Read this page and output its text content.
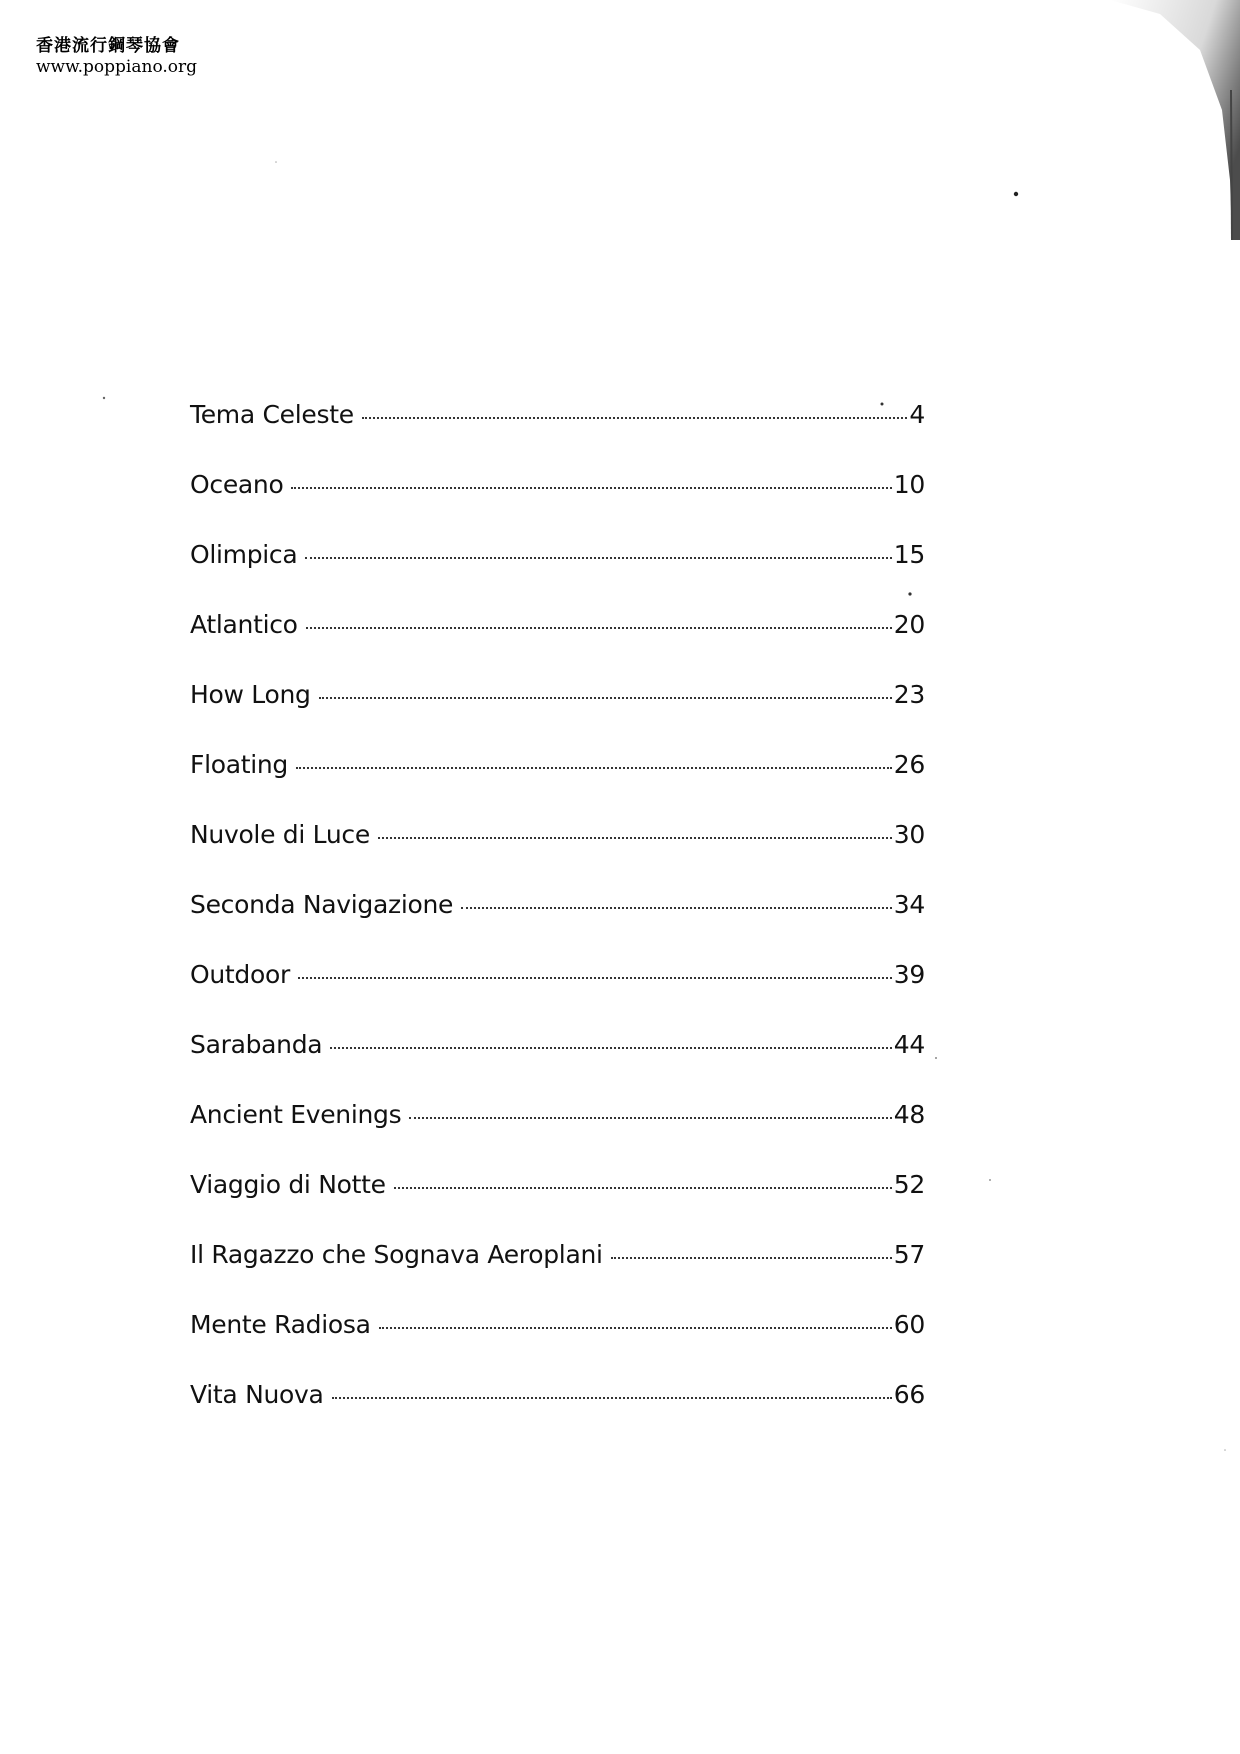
香港流行鋼琴協會
www.poppiano.org
Tema Celeste	4
Oceano	10
Olimpica	15
Atlantico	20
How Long	23
Floating	26
Nuvole di Luce	30
Seconda Navigazione	34
Outdoor	39
Sarabanda	44
Ancient Evenings	48
Viaggio di Notte	52
Il Ragazzo che Sognava Aeroplani	57
Mente Radiosa	60
Vita Nuova	66
